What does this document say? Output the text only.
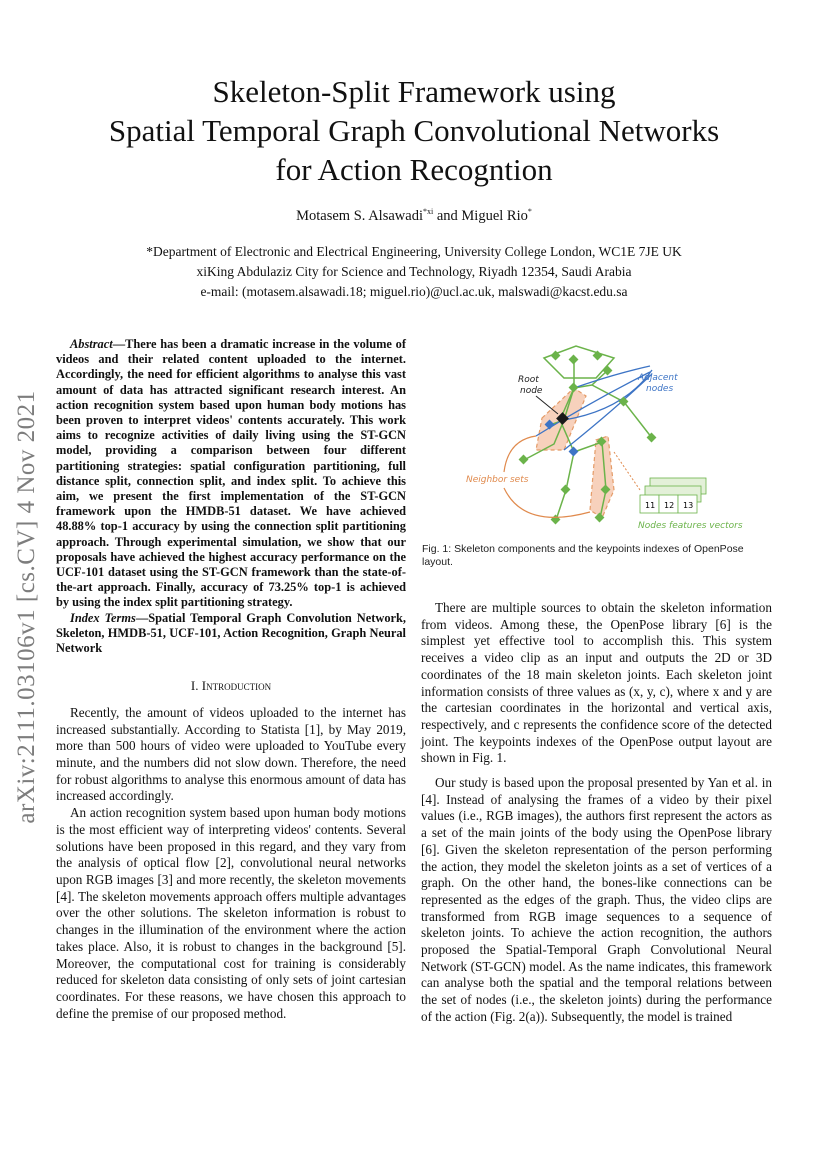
arXiv:2111.03106v1 [cs.CV] 4 Nov 2021
Skeleton-Split Framework using
Spatial Temporal Graph Convolutional Networks
for Action Recogntion
Motasem S. Alsawadi$^{*xi}$ and Miguel Rio*
*Department of Electronic and Electrical Engineering, University College London, WC1E 7JE UK
xiKing Abdulaziz City for Science and Technology, Riyadh 12354, Saudi Arabia
e-mail: (motasem.alsawadi.18; miguel.rio)@ucl.ac.uk, malswadi@kacst.edu.sa

Abstract—There has been a dramatic increase in the volume of videos and their related content uploaded to the internet. Accordingly, the need for efficient algorithms to analyse this vast amount of data has attracted significant research interest. An action recognition system based upon human body motions has been proven to interpret videos' contents accurately. This work aims to recognize activities of daily living using the ST-GCN model, providing a comparison between four different partitioning strategies: spatial configuration partitioning, full distance split, connection split, and index split. To achieve this aim, we present the first implementation of the ST-GCN framework upon the HMDB-51 dataset. We have achieved 48.88% top-1 accuracy by using the connection split partitioning approach. Through experimental simulation, we show that our proposals have achieved the highest accuracy performance on the UCF-101 dataset using the ST-GCN framework than the state-of-the-art approach. Finally, accuracy of 73.25% top-1 is achieved by using the index split partitioning strategy.

Index Terms—Spatial Temporal Graph Convolution Network, Skeleton, HMDB-51, UCF-101, Action Recognition, Graph Neural Network

I. Introduction

Recently, the amount of videos uploaded to the internet has increased substantially. According to Statista [1], by May 2019, more than 500 hours of video were uploaded to YouTube every minute, and the numbers did not slow down. Therefore, the need for robust algorithms to analyse this enormous amount of data has increased accordingly.

An action recognition system based upon human body motions is the most efficient way of interpreting videos' contents. Several solutions have been proposed in this regard, and they vary from the analysis of optical flow [2], convolutional neural networks upon RGB images [3] and more recently, the skeleton movements [4]. The skeleton movements approach offers multiple advantages over the other solutions. The skeleton information is robust to changes in the illumination of the environment where the action takes place. Also, it is robust to changes in the background [5]. Moreover, the computational cost for training is considerably reduced for skeleton data consisting of only sets of joint cartesian coordinates. For these reasons, we have chosen this approach to define the premise of our proposed method.

Root
node
Adjacent
nodes
Neighbor sets
11 12 13
Nodes features vectors
Fig. 1: Skeleton components and the keypoints indexes of OpenPose layout.

There are multiple sources to obtain the skeleton information from videos. Among these, the OpenPose library [6] is the simplest yet effective tool to accomplish this. This system receives a video clip as an input and outputs the 2D or 3D coordinates of the 18 main skeleton joints. Each skeleton joint information consists of three values as (x, y, c), where x and y are the cartesian coordinates in the horizontal and vertical axis, respectively, and c represents the confidence score of the detected joint. The keypoints indexes of the OpenPose output layout are shown in Fig. 1.

Our study is based upon the proposal presented by Yan et al. in [4]. Instead of analysing the frames of a video by their pixel values (i.e., RGB images), the authors first represent the actors as a set of the main joints of the body using the OpenPose library [6]. Given the skeleton representation of the person performing the action, they model the skeleton joints as a set of vertices of a graph. On the other hand, the bones-like connections can be represented as the edges of the graph. Thus, the video clips are transformed from RGB image sequences to a sequence of skeleton joints. To achieve the action recognition, the authors proposed the Spatial-Temporal Graph Convolutional Neural Network (ST-GCN) model. As the name indicates, this framework can analyse both the spatial and the temporal relations between the set of nodes (i.e., the skeleton joints) during the performance of the action (Fig. 2(a)). Subsequently, the model is trained
